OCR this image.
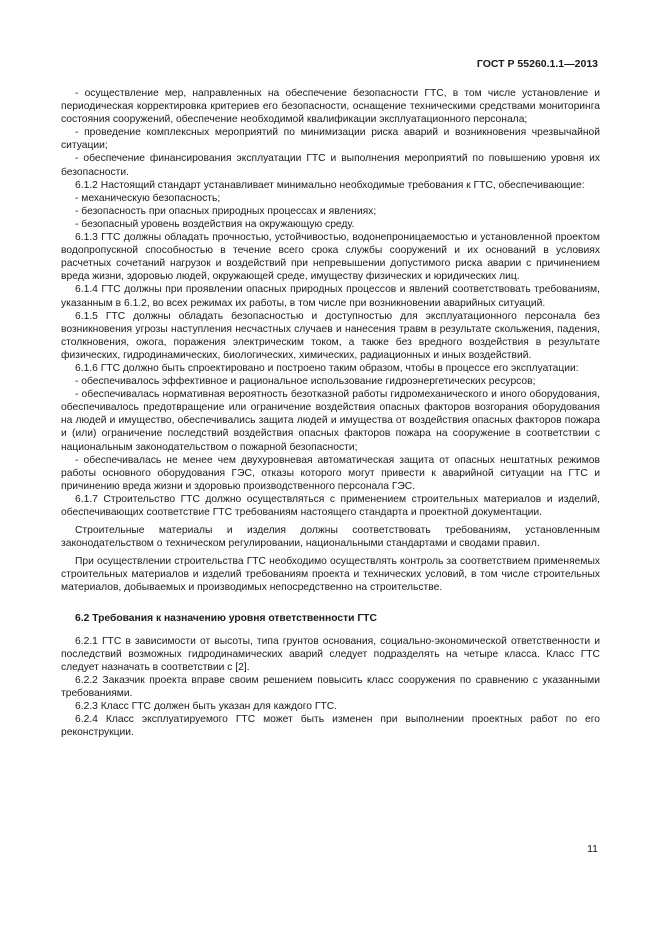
ГОСТ Р 55260.1.1—2013

- осуществление мер, направленных на обеспечение безопасности ГТС, в том числе установление и периодическая корректировка критериев его безопасности, оснащение техническими средствами мониторинга состояния сооружений, обеспечение необходимой квалификации эксплуатационного персонала;

- проведение комплексных мероприятий по минимизации риска аварий и возникновения чрезвычайной ситуации;

- обеспечение финансирования эксплуатации ГТС и выполнения мероприятий по повышению уровня их безопасности.

6.1.2 Настоящий стандарт устанавливает минимально необходимые требования к ГТС, обеспечивающие:

- механическую безопасность;

- безопасность при опасных природных процессах и явлениях;

- безопасный уровень воздействия на окружающую среду.

6.1.3 ГТС должны обладать прочностью, устойчивостью, водонепроницаемостью и установленной проектом водопропускной способностью в течение всего срока службы сооружений и их оснований в условиях расчетных сочетаний нагрузок и воздействий при непревышении допустимого риска аварии с причинением вреда жизни, здоровью людей, окружающей среде, имуществу физических и юридических лиц.

6.1.4 ГТС должны при проявлении опасных природных процессов и явлений соответствовать требованиям, указанным в 6.1.2, во всех режимах их работы, в том числе при возникновении аварийных ситуаций.

6.1.5 ГТС должны обладать безопасностью и доступностью для эксплуатационного персонала без возникновения угрозы наступления несчастных случаев и нанесения травм в результате скольжения, падения, столкновения, ожога, поражения электрическим током, а также без вредного воздействия в результате физических, гидродинамических, биологических, химических, радиационных и иных воздействий.

6.1.6 ГТС должно быть спроектировано и построено таким образом, чтобы в процессе его эксплуатации:

- обеспечивалось эффективное и рациональное использование гидроэнергетических ресурсов;

- обеспечивалась нормативная вероятность безотказной работы гидромеханического и иного оборудования, обеспечивалось предотвращение или ограничение воздействия опасных факторов возгорания оборудования на людей и имущество, обеспечивались защита людей и имущества от воздействия опасных факторов пожара и (или) ограничение последствий воздействия опасных факторов пожара на сооружение в соответствии с национальным законодательством о пожарной безопасности;

- обеспечивалась не менее чем двухуровневая автоматическая защита от опасных нештатных режимов работы основного оборудования ГЭС, отказы которого могут привести к аварийной ситуации на ГТС и причинению вреда жизни и здоровью производственного персонала ГЭС.

6.1.7 Строительство ГТС должно осуществляться с применением строительных материалов и изделий, обеспечивающих соответствие ГТС требованиям настоящего стандарта и проектной документации.

Строительные материалы и изделия должны соответствовать требованиям, установленным законодательством о техническом регулировании, национальными стандартами и сводами правил.

При осуществлении строительства ГТС необходимо осуществлять контроль за соответствием применяемых строительных материалов и изделий требованиям проекта и технических условий, в том числе строительных материалов, добываемых и производимых непосредственно на строительстве.

6.2 Требования к назначению уровня ответственности ГТС

6.2.1 ГТС в зависимости от высоты, типа грунтов основания, социально-экономической ответственности и последствий возможных гидродинамических аварий следует подразделять на четыре класса. Класс ГТС следует назначать в соответствии с [2].

6.2.2 Заказчик проекта вправе своим решением повысить класс сооружения по сравнению с указанными требованиями.

6.2.3 Класс ГТС должен быть указан для каждого ГТС.

6.2.4 Класс эксплуатируемого ГТС может быть изменен при выполнении проектных работ по его реконструкции.

11
